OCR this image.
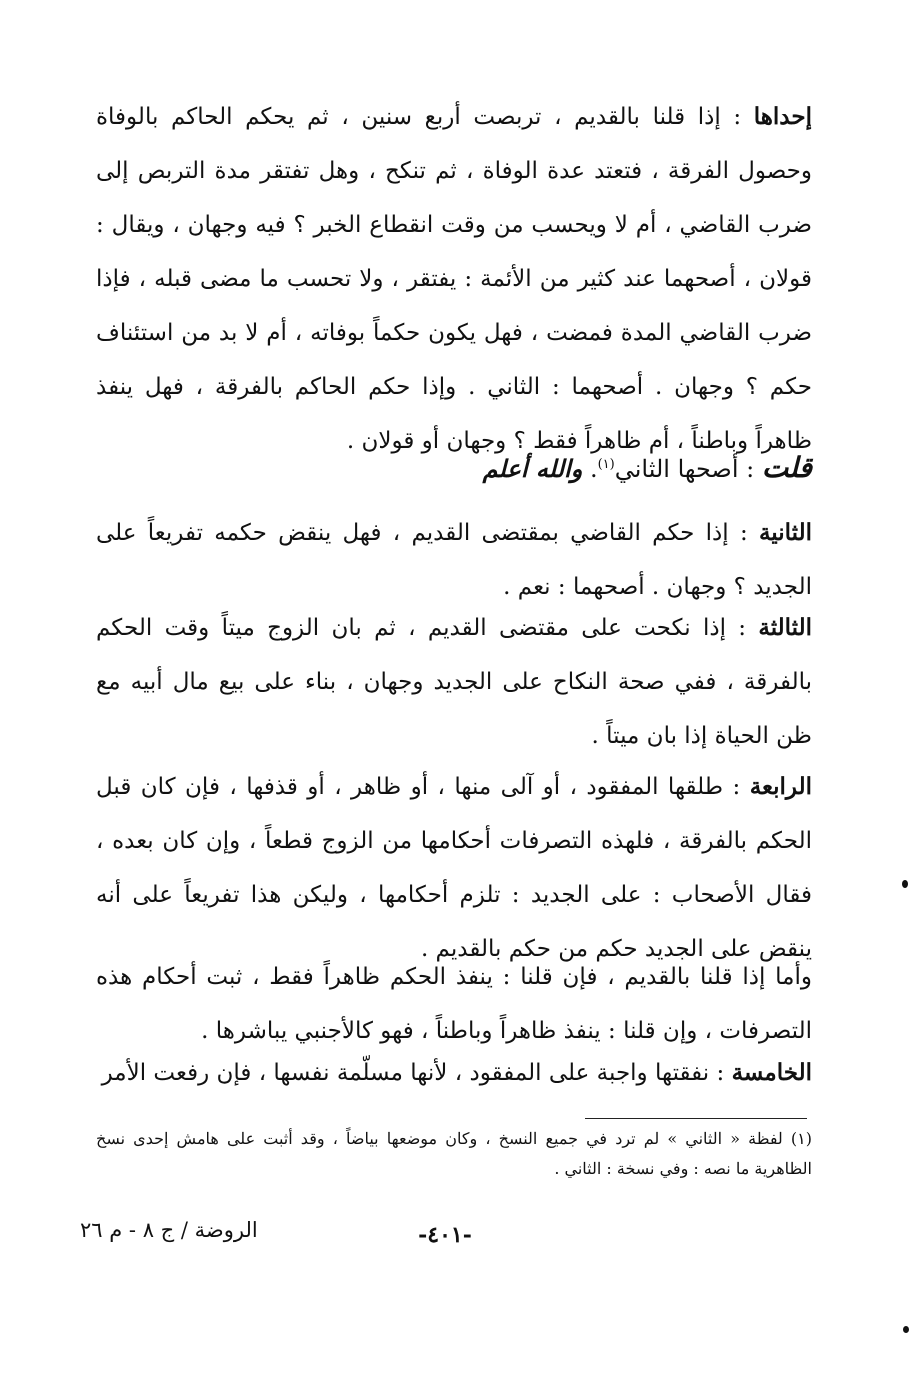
إحداها : إذا قلنا بالقديم ، تربصت أربع سنين ، ثم يحكم الحاكم بالوفاة وحصول الفرقة ، فتعتد عدة الوفاة ، ثم تنكح ، وهل تفتقر مدة التربص إلى ضرب القاضي ، أم لا ويحسب من وقت انقطاع الخبر ؟ فيه وجهان ، ويقال : قولان ، أصحهما عند كثير من الأئمة : يفتقر ، ولا تحسب ما مضى قبله ، فإذا ضرب القاضي المدة فمضت ، فهل يكون حكماً بوفاته ، أم لا بد من استئناف حكم ؟ وجهان . أصحهما : الثاني . وإذا حكم الحاكم بالفرقة ، فهل ينفذ ظاهراً وباطناً ، أم ظاهراً فقط ؟ وجهان أو قولان .
قلت : أصحها الثاني$^{(١)}$. والله أعلم
الثانية : إذا حكم القاضي بمقتضى القديم ، فهل ينقض حكمه تفريعاً على الجديد ؟ وجهان . أصحهما : نعم .
الثالثة : إذا نكحت على مقتضى القديم ، ثم بان الزوج ميتاً وقت الحكم بالفرقة ، ففي صحة النكاح على الجديد وجهان ، بناء على بيع مال أبيه مع ظن الحياة إذا بان ميتاً .
الرابعة : طلقها المفقود ، أو آلى منها ، أو ظاهر ، أو قذفها ، فإن كان قبل الحكم بالفرقة ، فلهذه التصرفات أحكامها من الزوج قطعاً ، وإن كان بعده ، فقال الأصحاب : على الجديد : تلزم أحكامها ، وليكن هذا تفريعاً على أنه ينقض على الجديد حكم من حكم بالقديم .
وأما إذا قلنا بالقديم ، فإن قلنا : ينفذ الحكم ظاهراً فقط ، ثبت أحكام هذه التصرفات ، وإن قلنا : ينفذ ظاهراً وباطناً ، فهو كالأجنبي يباشرها .
الخامسة : نفقتها واجبة على المفقود ، لأنها مسلّمة نفسها ، فإن رفعت الأمر
(١) لفظة « الثاني » لم ترد في جميع النسخ ، وكان موضعها بياضاً ، وقد أثبت على هامش إحدى نسخ الظاهرية ما نصه : وفي نسخة : الثاني .
-٤٠١-
الروضة / ج ٨ - م ٢٦
